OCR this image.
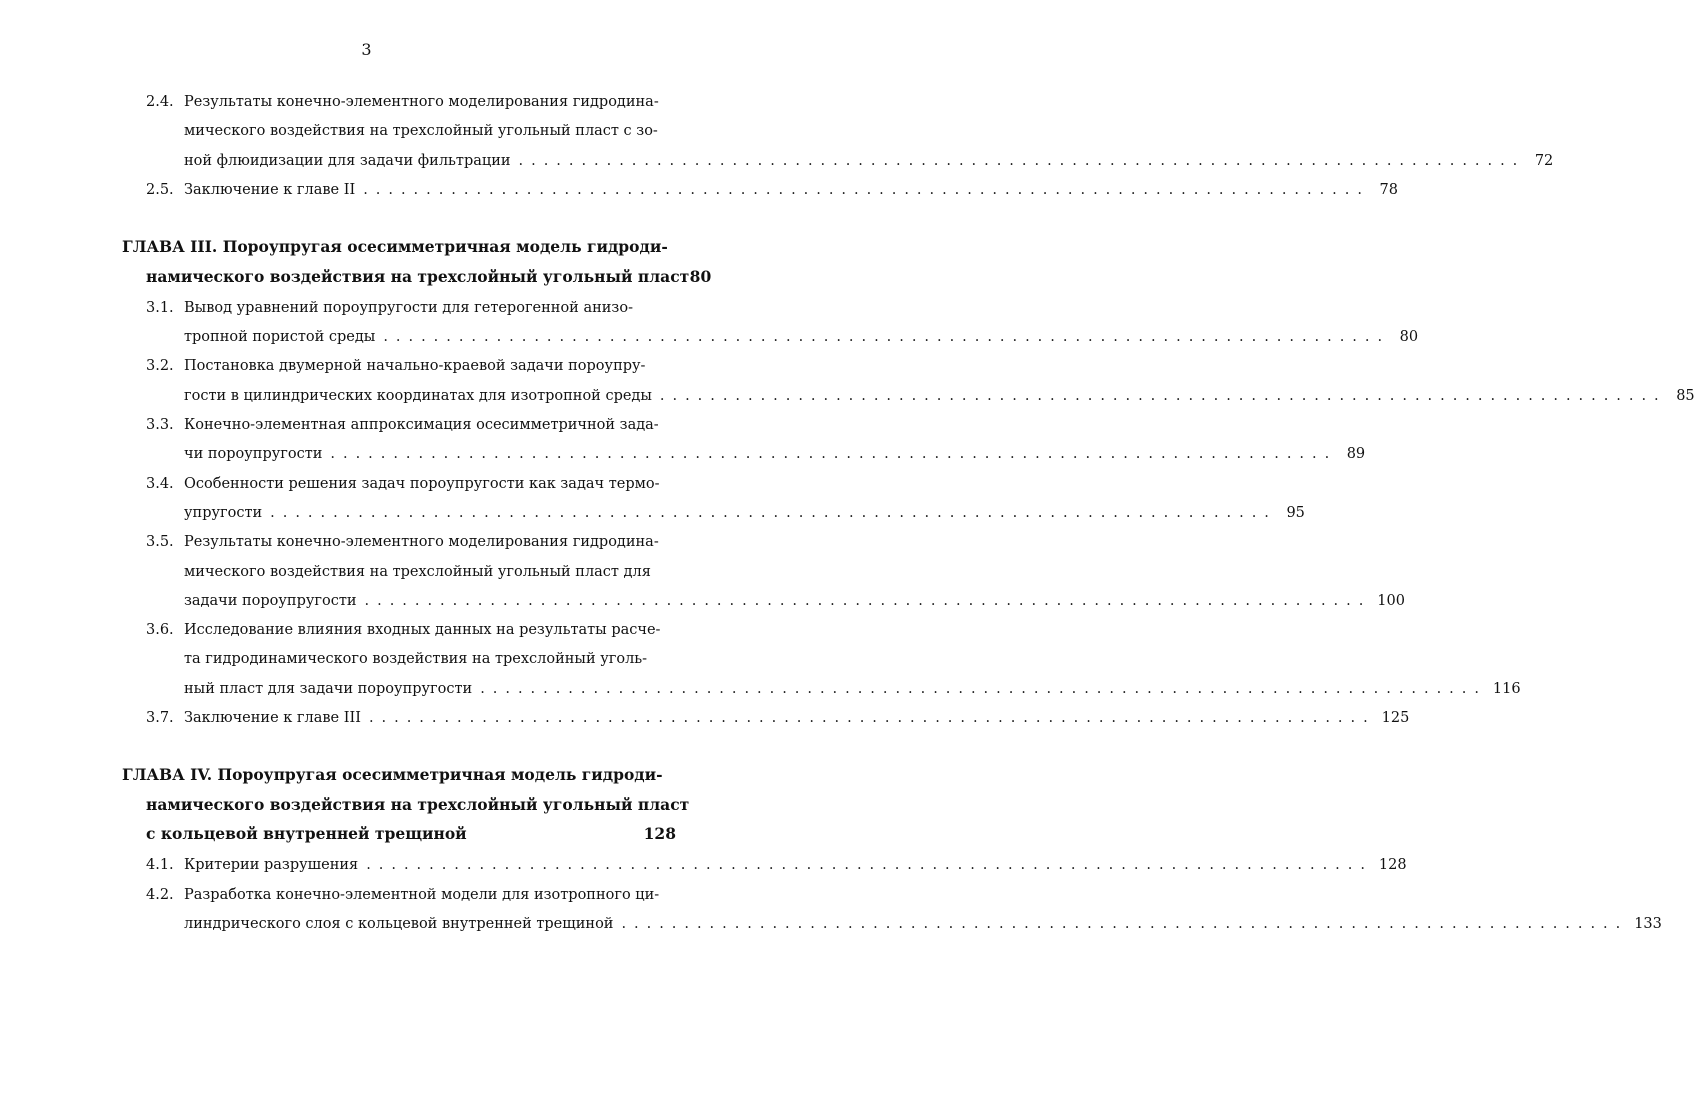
3
2.4. Результаты конечно-элементного моделирования гидродина-
мического воздействия на трехслойный угольный пласт с зо-
ной флюидизации для задачи фильтрации ................................................................................ 72
2.5. Заключение к главе II ................................................................................ 78
ГЛАВА III. Пороупругая осесимметричная модель гидроди-
намического воздействия на трехслойный угольный пласт 80
3.1. Вывод уравнений пороупругости для гетерогенной анизо-
тропной пористой среды ................................................................................ 80
3.2. Постановка двумерной начально-краевой задачи пороупру-
гости в цилиндрических координатах для изотропной среды ................................................................................ 85
3.3. Конечно-элементная аппроксимация осесимметричной зада-
чи пороупругости ................................................................................ 89
3.4. Особенности решения задач пороупругости как задач термо-
упругости ................................................................................ 95
3.5. Результаты конечно-элементного моделирования гидродина-
мического воздействия на трехслойный угольный пласт для
задачи пороупругости ................................................................................ 100
3.6. Исследование влияния входных данных на результаты расче-
та гидродинамического воздействия на трехслойный уголь-
ный пласт для задачи пороупругости ................................................................................ 116
3.7. Заключение к главе III ................................................................................ 125
ГЛАВА IV. Пороупругая осесимметричная модель гидроди-
намического воздействия на трехслойный угольный пласт
с кольцевой внутренней трещиной	128
4.1. Критерии разрушения ................................................................................ 128
4.2. Разработка конечно-элементной модели для изотропного ци-
линдрического слоя с кольцевой внутренней трещиной ................................................................................ 133
